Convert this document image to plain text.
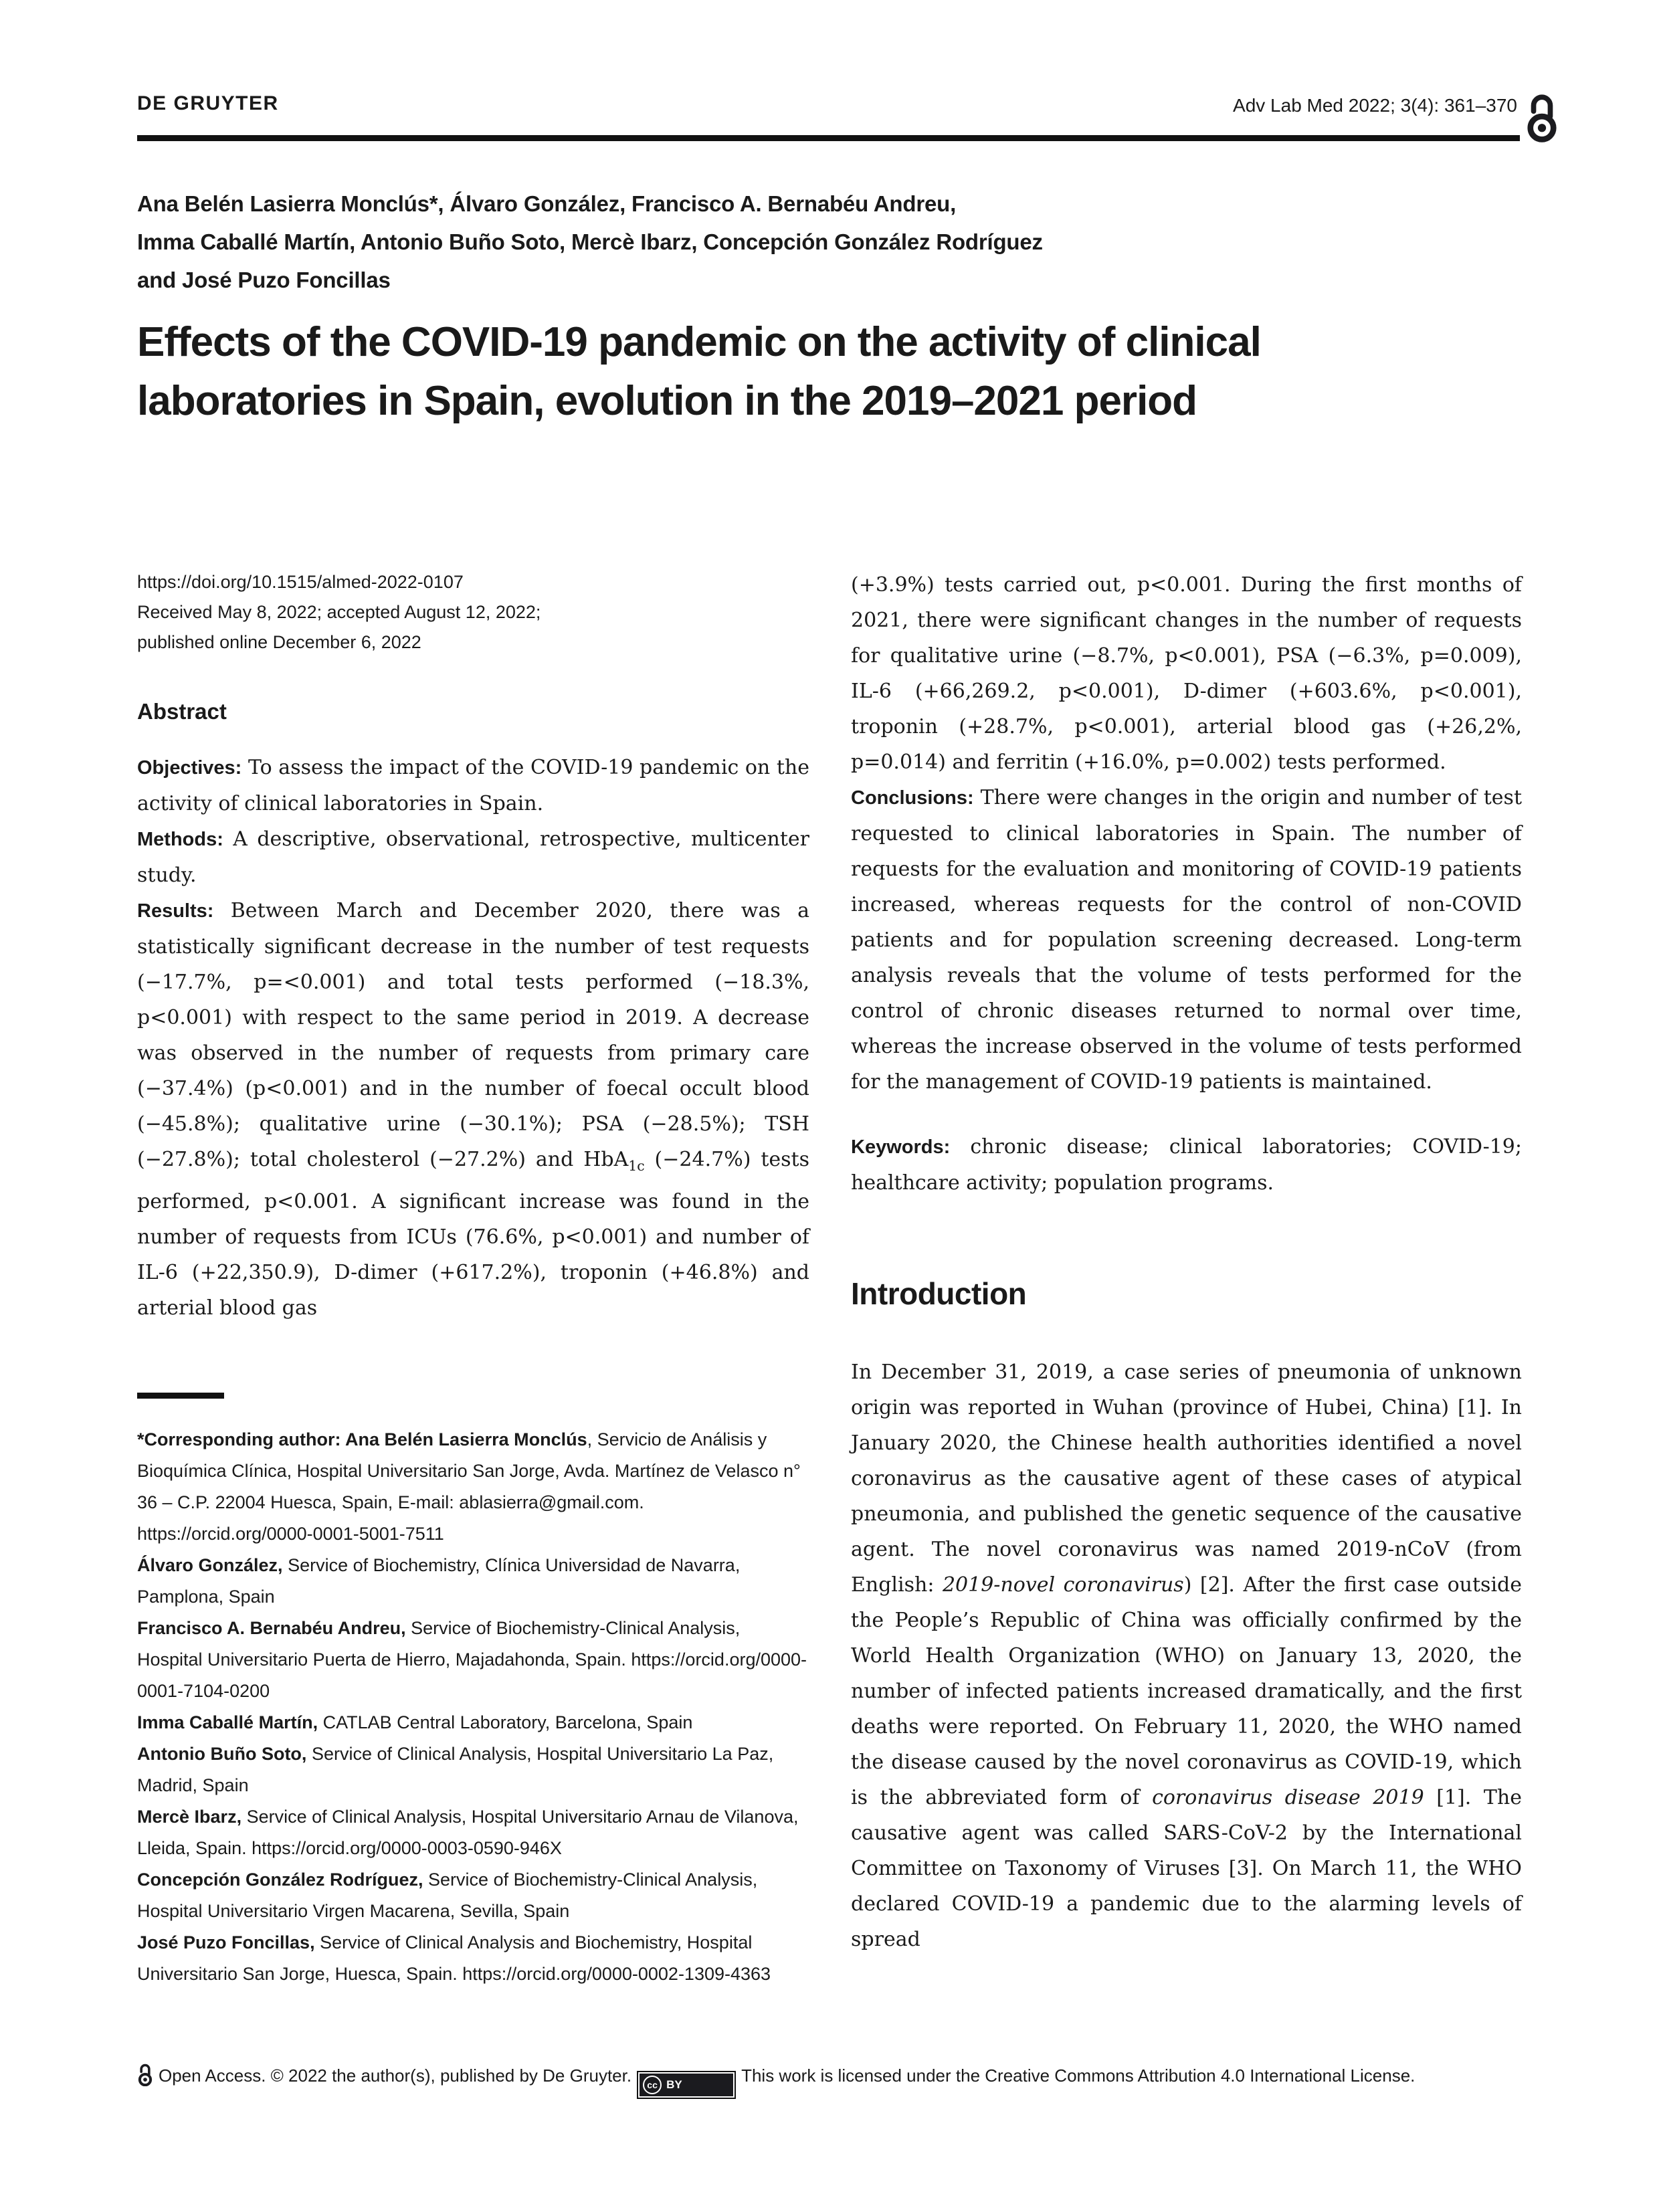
DE GRUYTER	Adv Lab Med 2022; 3(4): 361–370
Ana Belén Lasierra Monclús*, Álvaro González, Francisco A. Bernabéu Andreu,
Imma Caballé Martín, Antonio Buño Soto, Mercè Ibarz, Concepción González Rodríguez
and José Puzo Foncillas
Effects of the COVID-19 pandemic on the activity of clinical laboratories in Spain, evolution in the 2019–2021 period
https://doi.org/10.1515/almed-2022-0107
Received May 8, 2022; accepted August 12, 2022;
published online December 6, 2022
Abstract

Objectives: To assess the impact of the COVID-19 pandemic on the activity of clinical laboratories in Spain.

Methods: A descriptive, observational, retrospective, multicenter study.

Results: Between March and December 2020, there was a statistically significant decrease in the number of test requests (−17.7%, p=<0.001) and total tests performed (−18.3%, p<0.001) with respect to the same period in 2019. A decrease was observed in the number of requests from primary care (−37.4%) (p<0.001) and in the number of foecal occult blood (−45.8%); qualitative urine (−30.1%); PSA (−28.5%); TSH (−27.8%); total cholesterol (−27.2%) and HbA$_{1c}$ (−24.7%) tests performed, p<0.001. A significant increase was found in the number of requests from ICUs (76.6%, p<0.001) and number of IL-6 (+22,350.9), D-dimer (+617.2%), troponin (+46.8%) and arterial blood gas

*Corresponding author: Ana Belén Lasierra Monclús, Servicio de Análisis y Bioquímica Clínica, Hospital Universitario San Jorge, Avda. Martínez de Velasco n° 36 – C.P. 22004 Huesca, Spain, E-mail: ablasierra@gmail.com. https://orcid.org/0000-0001-5001-7511

Álvaro González, Service of Biochemistry, Clínica Universidad de Navarra, Pamplona, Spain

Francisco A. Bernabéu Andreu, Service of Biochemistry-Clinical Analysis, Hospital Universitario Puerta de Hierro, Majadahonda, Spain. https://orcid.org/0000-0001-7104-0200

Imma Caballé Martín, CATLAB Central Laboratory, Barcelona, Spain

Antonio Buño Soto, Service of Clinical Analysis, Hospital Universitario La Paz, Madrid, Spain

Mercè Ibarz, Service of Clinical Analysis, Hospital Universitario Arnau de Vilanova, Lleida, Spain. https://orcid.org/0000-0003-0590-946X

Concepción González Rodríguez, Service of Biochemistry-Clinical Analysis, Hospital Universitario Virgen Macarena, Sevilla, Spain

José Puzo Foncillas, Service of Clinical Analysis and Biochemistry, Hospital Universitario San Jorge, Huesca, Spain. https://orcid.org/0000-0002-1309-4363

(+3.9%) tests carried out, p<0.001. During the first months of 2021, there were significant changes in the number of requests for qualitative urine (−8.7%, p<0.001), PSA (−6.3%, p=0.009), IL-6 (+66,269.2, p<0.001), D-dimer (+603.6%, p<0.001), troponin (+28.7%, p<0.001), arterial blood gas (+26,2%, p=0.014) and ferritin (+16.0%, p=0.002) tests performed.

Conclusions: There were changes in the origin and number of test requested to clinical laboratories in Spain. The number of requests for the evaluation and monitoring of COVID-19 patients increased, whereas requests for the control of non-COVID patients and for population screening decreased. Long-term analysis reveals that the volume of tests performed for the control of chronic diseases returned to normal over time, whereas the increase observed in the volume of tests performed for the management of COVID-19 patients is maintained.

Keywords: chronic disease; clinical laboratories; COVID-19; healthcare activity; population programs.

Introduction

In December 31, 2019, a case series of pneumonia of unknown origin was reported in Wuhan (province of Hubei, China) [1]. In January 2020, the Chinese health authorities identified a novel coronavirus as the causative agent of these cases of atypical pneumonia, and published the genetic sequence of the causative agent. The novel coronavirus was named 2019-nCoV (from English: 2019-novel coronavirus) [2]. After the first case outside the People’s Republic of China was officially confirmed by the World Health Organization (WHO) on January 13, 2020, the number of infected patients increased dramatically, and the first deaths were reported. On February 11, 2020, the WHO named the disease caused by the novel coronavirus as COVID-19, which is the abbreviated form of coronavirus disease 2019 [1]. The causative agent was called SARS-CoV-2 by the International Committee on Taxonomy of Viruses [3]. On March 11, the WHO declared COVID-19 a pandemic due to the alarming levels of spread

Open Access. © 2022 the author(s), published by De Gruyter.	cc BY	This work is licensed under the Creative Commons Attribution 4.0 International License.
